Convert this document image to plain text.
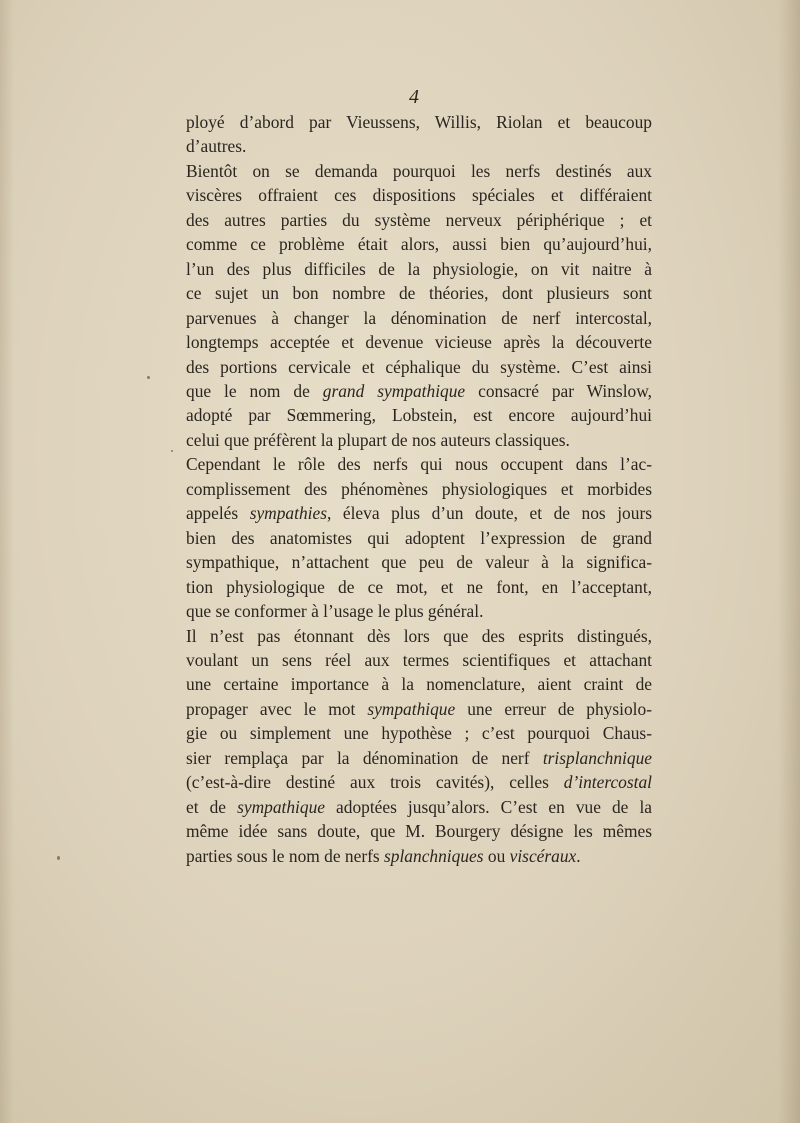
4

ployé d’abord par Vieussens, Willis, Riolan et beaucoup
d’autres.

Bientôt on se demanda pourquoi les nerfs destinés aux
viscères offraient ces dispositions spéciales et différaient
des autres parties du système nerveux périphérique ; et
comme ce problème était alors, aussi bien qu’aujourd’hui,
l’un des plus difficiles de la physiologie, on vit naitre à
ce sujet un bon nombre de théories, dont plusieurs sont
parvenues à changer la dénomination de nerf intercostal,
longtemps acceptée et devenue vicieuse après la découverte
des portions cervicale et céphalique du système. C’est ainsi
que le nom de grand sympathique consacré par Winslow,
adopté par Sœmmering, Lobstein, est encore aujourd’hui
celui que préfèrent la plupart de nos auteurs classiques.

Cependant le rôle des nerfs qui nous occupent dans l’ac-
complissement des phénomènes physiologiques et morbides
appelés sympathies, éleva plus d’un doute, et de nos jours
bien des anatomistes qui adoptent l’expression de grand
sympathique, n’attachent que peu de valeur à la significa-
tion physiologique de ce mot, et ne font, en l’acceptant,
que se conformer à l’usage le plus général.

Il n’est pas étonnant dès lors que des esprits distingués,
voulant un sens réel aux termes scientifiques et attachant
une certaine importance à la nomenclature, aient craint de
propager avec le mot sympathique une erreur de physiolo-
gie ou simplement une hypothèse ; c’est pourquoi Chaus-
sier remplaça par la dénomination de nerf trisplanchnique
(c’est-à-dire destiné aux trois cavités), celles d’intercostal
et de sympathique adoptées jusqu’alors. C’est en vue de la
même idée sans doute, que M. Bourgery désigne les mêmes
parties sous le nom de nerfs splanchniques ou viscéraux.
